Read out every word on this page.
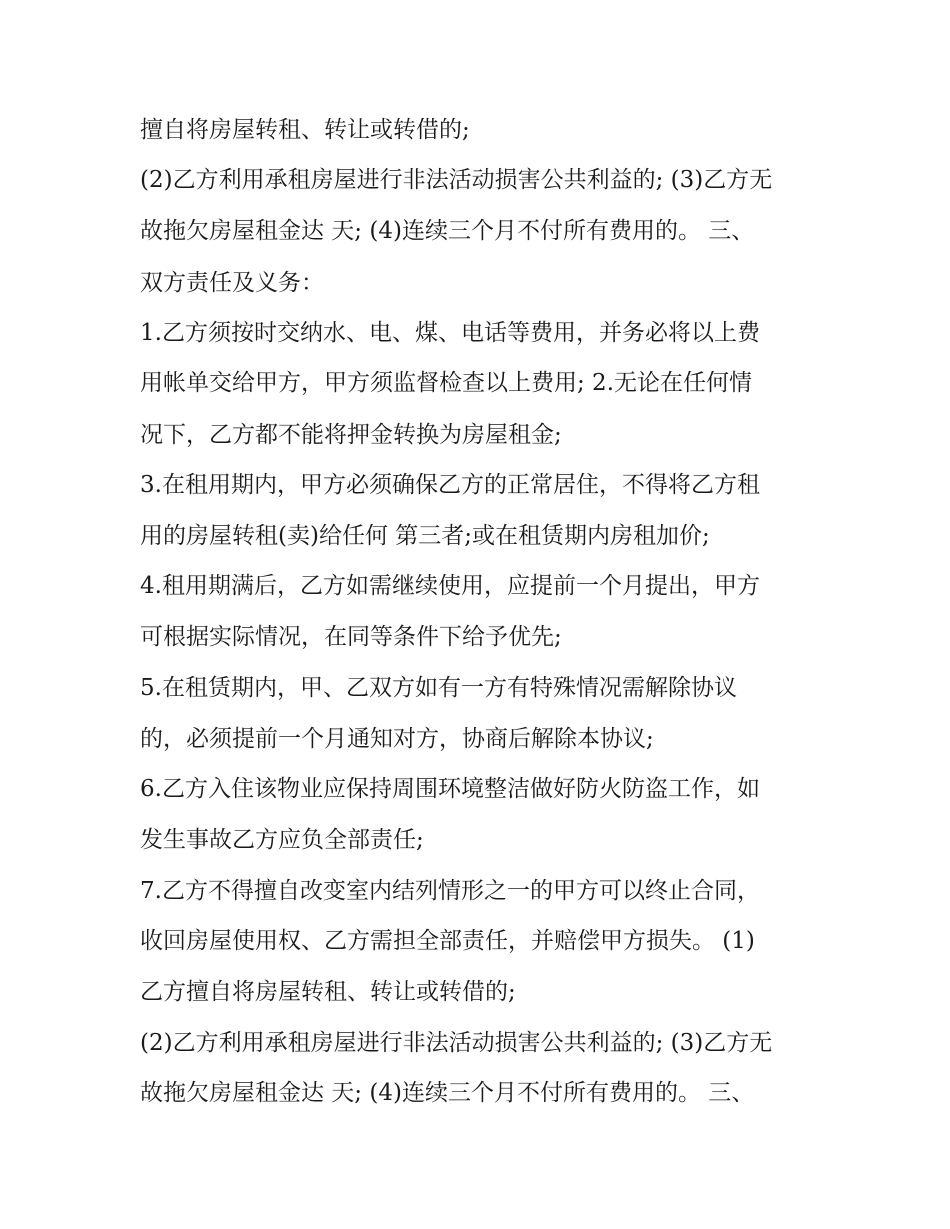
擅自将房屋转租、转让或转借的;
(2)乙方利用承租房屋进行非法活动损害公共利益的; (3)乙方无
故拖欠房屋租金达 天; (4)连续三个月不付所有费用的。 三、
双方责任及义务：
1.乙方须按时交纳水、电、煤、电话等费用，并务必将以上费
用帐单交给甲方，甲方须监督检查以上费用; 2.无论在任何情
况下，乙方都不能将押金转换为房屋租金;
3.在租用期内，甲方必须确保乙方的正常居住，不得将乙方租
用的房屋转租(卖)给任何 第三者;或在租赁期内房租加价;
4.租用期满后，乙方如需继续使用，应提前一个月提出，甲方
可根据实际情况，在同等条件下给予优先;
5.在租赁期内，甲、乙双方如有一方有特殊情况需解除协议
的，必须提前一个月通知对方，协商后解除本协议;
6.乙方入住该物业应保持周围环境整洁做好防火防盗工作，如
发生事故乙方应负全部责任;
7.乙方不得擅自改变室内结列情形之一的甲方可以终止合同，
收回房屋使用权、乙方需担全部责任，并赔偿甲方损失。 (1)
乙方擅自将房屋转租、转让或转借的;
(2)乙方利用承租房屋进行非法活动损害公共利益的; (3)乙方无
故拖欠房屋租金达 天; (4)连续三个月不付所有费用的。 三、
